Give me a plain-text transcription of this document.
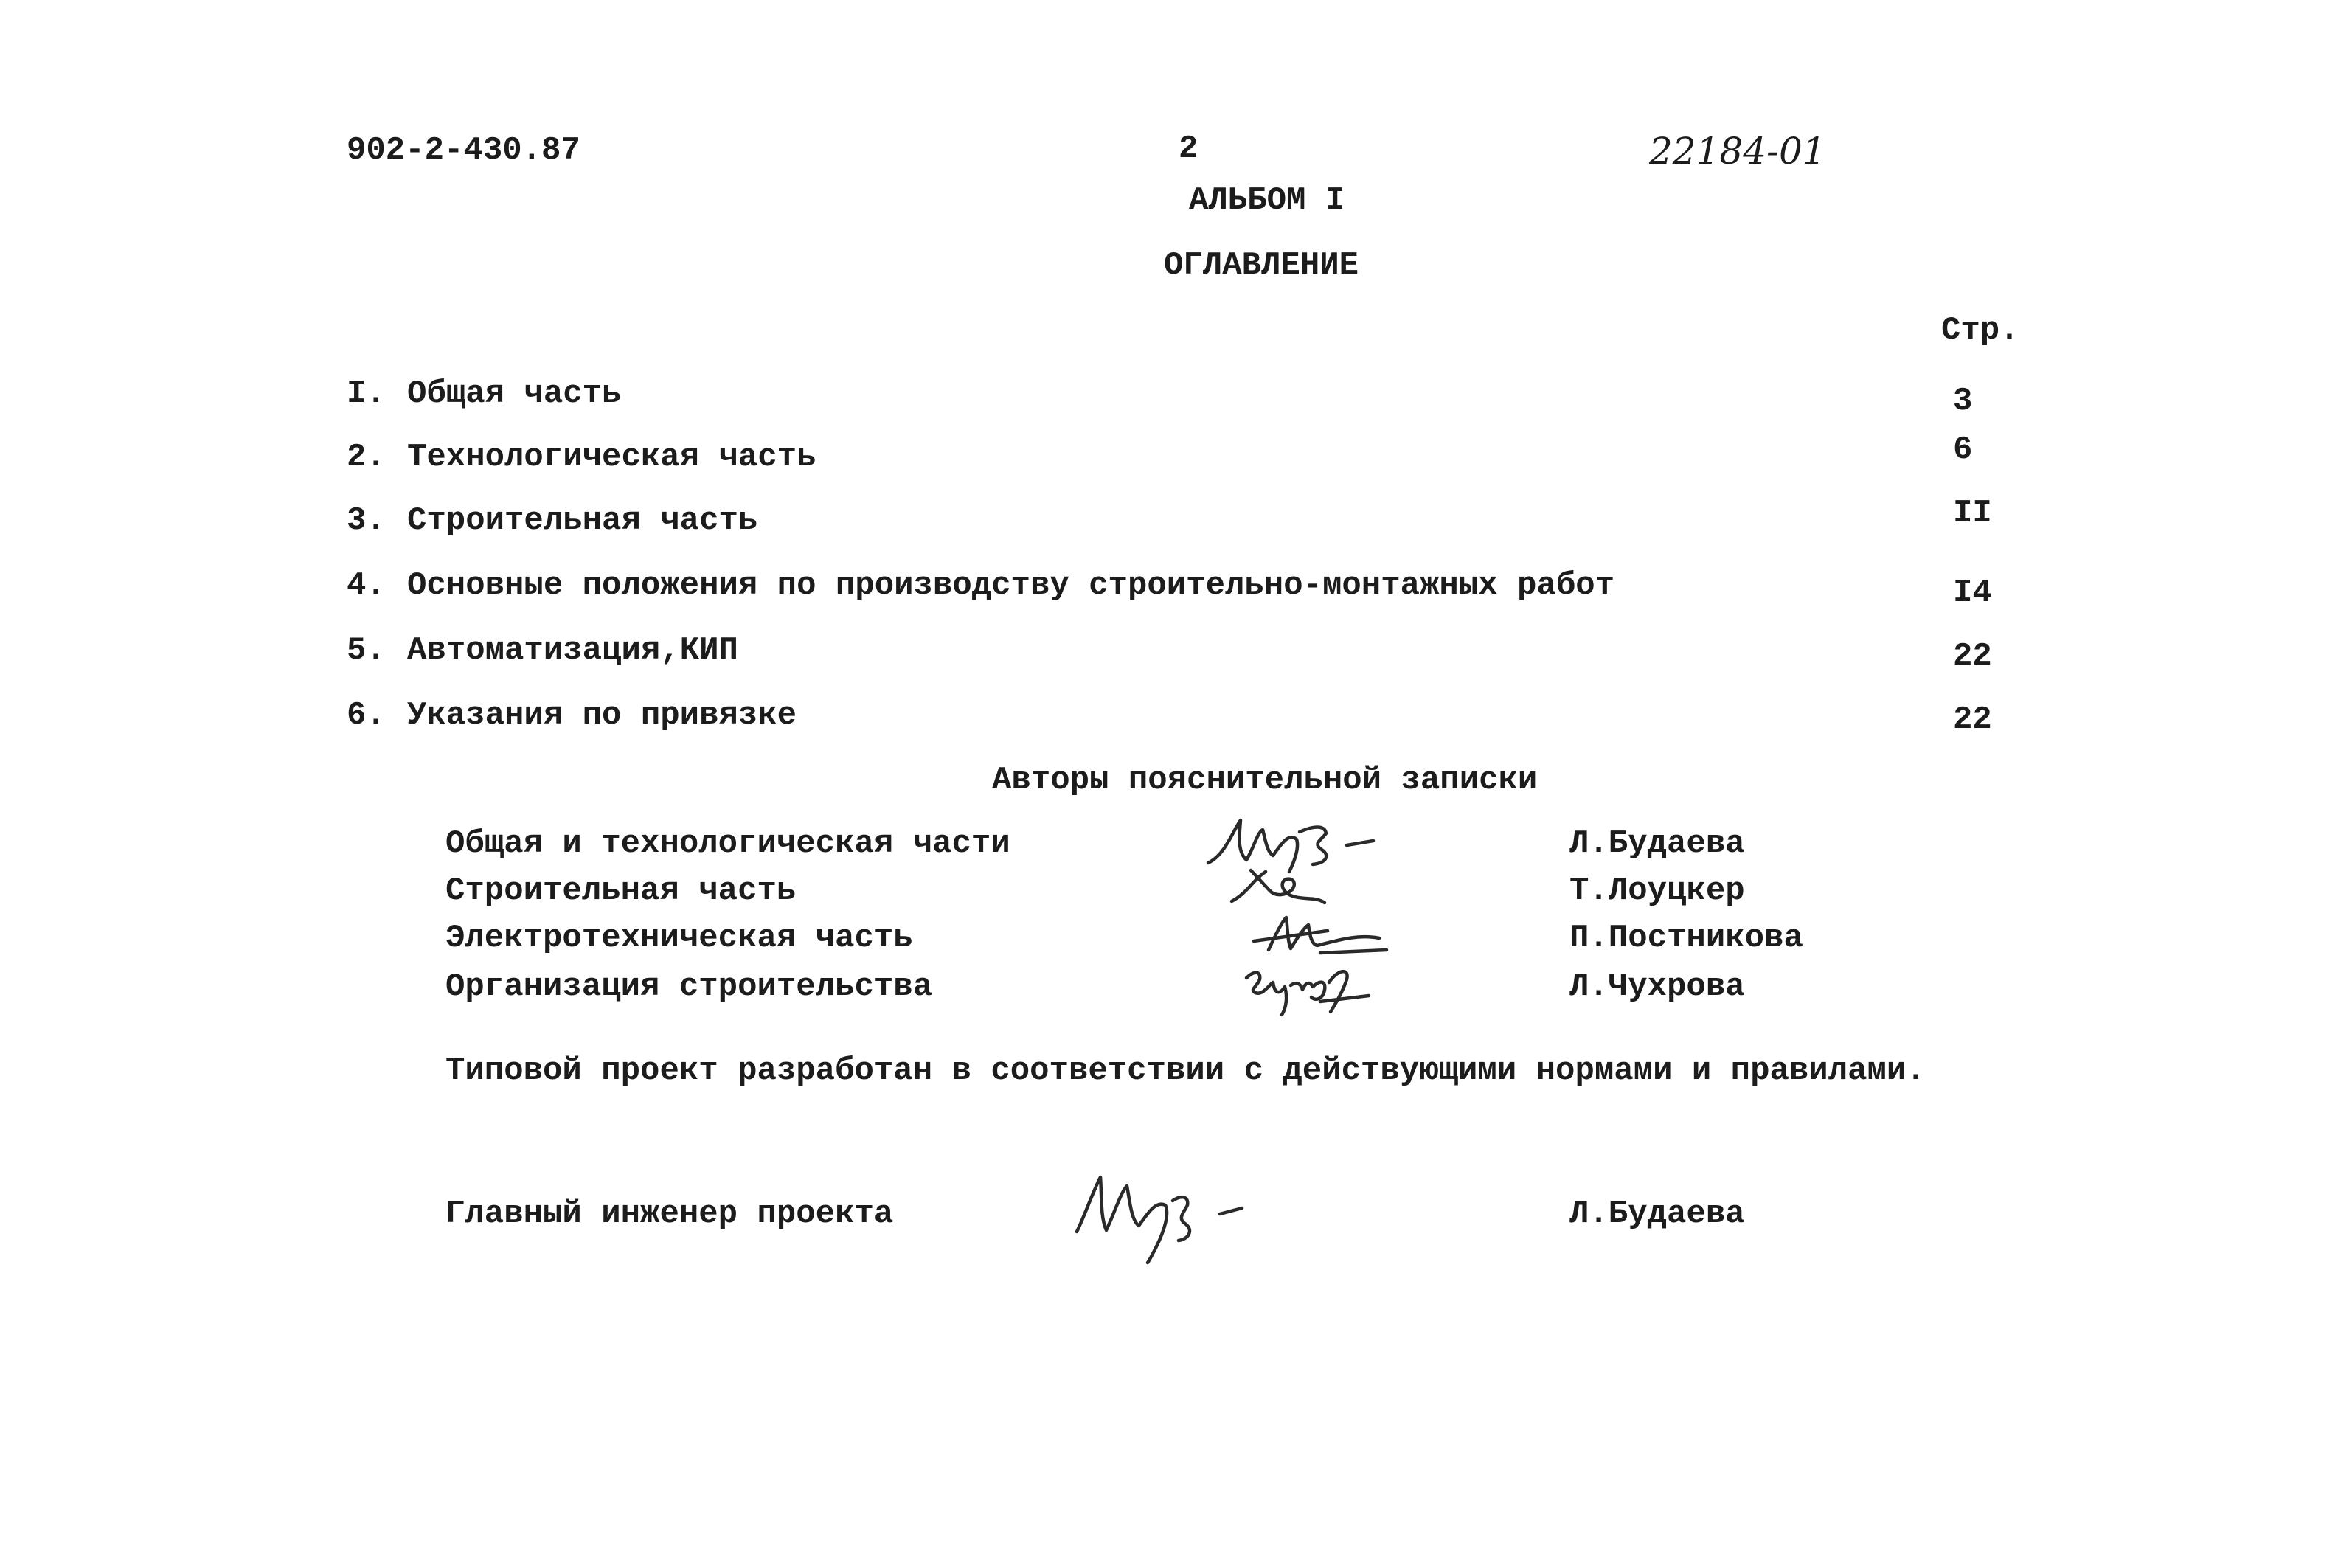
902-2-430.87	2	22184-01
АЛЬБОМ I
ОГЛАВЛЕНИЕ
Стр.
I. Общая часть	3
2. Технологическая часть	6
3. Строительная часть	II
4. Основные положения по производству строительно-монтажных работ	I4
5. Автоматизация,КИП	22
6. Указания по привязке	22
Авторы пояснительной записки
Общая и технологическая части	Л.Будаева
Строительная часть	Т.Лоуцкер
Электротехническая часть	П.Постникова
Организация строительства	Л.Чухрова
Типовой проект разработан в соответствии с действующими нормами и правилами.
Главный инженер проекта	Л.Будаева
